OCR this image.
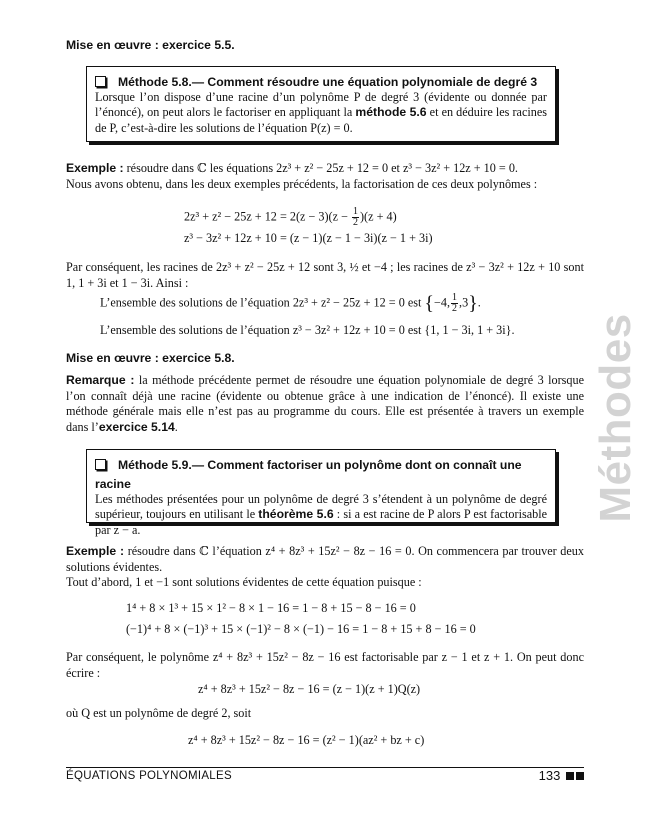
Mise en œuvre : exercice 5.5.
Méthode 5.8.— Comment résoudre une équation polynomiale de degré 3
Lorsque l’on dispose d’une racine d’un polynôme P de degré 3 (évidente ou donnée par l’énoncé), on peut alors le factoriser en appliquant la méthode 5.6 et en déduire les racines de P, c’est-à-dire les solutions de l’équation P(z) = 0.
Exemple : résoudre dans ℂ les équations 2z³ + z² − 25z + 12 = 0 et z³ − 3z² + 12z + 10 = 0.
Nous avons obtenu, dans les deux exemples précédents, la factorisation de ces deux polynômes :
$2z^3 + z^2 - 25z + 12 = 2(z - 3)(z - \frac{1}{2} )(z + 4)$
z³ − 3z² + 12z + 10 = (z − 1)(z − 1 − 3i)(z − 1 + 3i)
Par conséquent, les racines de 2z³ + z² − 25z + 12 sont 3, ½ et −4 ; les racines de z³ − 3z² + 12z + 10 sont 1, 1 + 3i et 1 − 3i. Ainsi :
L’ensemble des solutions de l’équation 2z³ + z² − 25z + 12 = 0 est {−4, $\frac{1}{2} ,3$}.
L’ensemble des solutions de l’équation z³ − 3z² + 12z + 10 = 0 est {1, 1 − 3i, 1 + 3i}.
Mise en œuvre : exercice 5.8.
Remarque : la méthode précédente permet de résoudre une équation polynomiale de degré 3 lorsque l’on connaît déjà une racine (évidente ou obtenue grâce à une indication de l’énoncé). Il existe une méthode générale mais elle n’est pas au programme du cours. Elle est présentée à travers un exemple dans l’exercice 5.14.
Méthode 5.9.— Comment factoriser un polynôme dont on connaît une racine
Les méthodes présentées pour un polynôme de degré 3 s’étendent à un polynôme de degré supérieur, toujours en utilisant le théorème 5.6 : si a est racine de P alors P est factorisable par z − a.
Exemple : résoudre dans ℂ l’équation z⁴ + 8z³ + 15z² − 8z − 16 = 0. On commencera par trouver deux solutions évidentes.
Tout d’abord, 1 et −1 sont solutions évidentes de cette équation puisque :
1⁴ + 8 × 1³ + 15 × 1² − 8 × 1 − 16 = 1 − 8 + 15 − 8 − 16 = 0
(−1)⁴ + 8 × (−1)³ + 15 × (−1)² − 8 × (−1) − 16 = 1 − 8 + 15 + 8 − 16 = 0
Par conséquent, le polynôme z⁴ + 8z³ + 15z² − 8z − 16 est factorisable par z − 1 et z + 1. On peut donc écrire :
z⁴ + 8z³ + 15z² − 8z − 16 = (z − 1)(z + 1)Q(z)
où Q est un polynôme de degré 2, soit
z⁴ + 8z³ + 15z² − 8z − 16 = (z² − 1)(az² + bz + c)
Méthodes
ÉQUATIONS POLYNOMIALES	133
